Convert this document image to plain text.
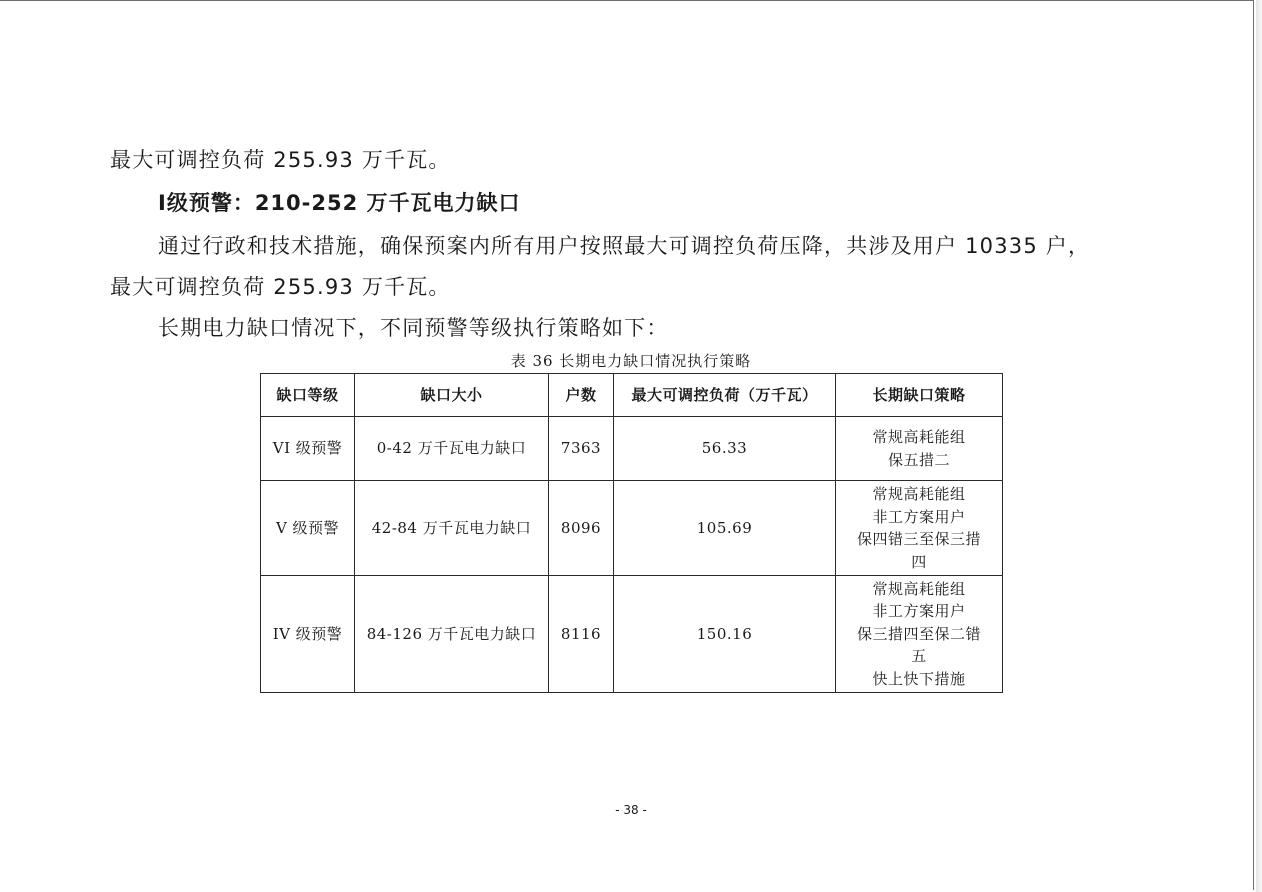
最大可调控负荷 255.93 万千瓦。

Ⅰ级预警：210-252 万千瓦电力缺口

通过行政和技术措施，确保预案内所有用户按照最大可调控负荷压降，共涉及用户 10335 户，

最大可调控负荷 255.93 万千瓦。

长期电力缺口情况下，不同预警等级执行策略如下：

表 36 长期电力缺口情况执行策略

缺口等级	缺口大小	户数	最大可调控负荷（万千瓦）	长期缺口策略
VI 级预警	0-42 万千瓦电力缺口	7363	56.33	常规高耗能组
保五措二

V 级预警	42-84 万千瓦电力缺口	8096	105.69	常规高耗能组
非工方案用户
保四错三至保三措
四

IV 级预警	84-126 万千瓦电力缺口	8116	150.16	常规高耗能组
非工方案用户
保三措四至保二错
五
快上快下措施

- 38 -
